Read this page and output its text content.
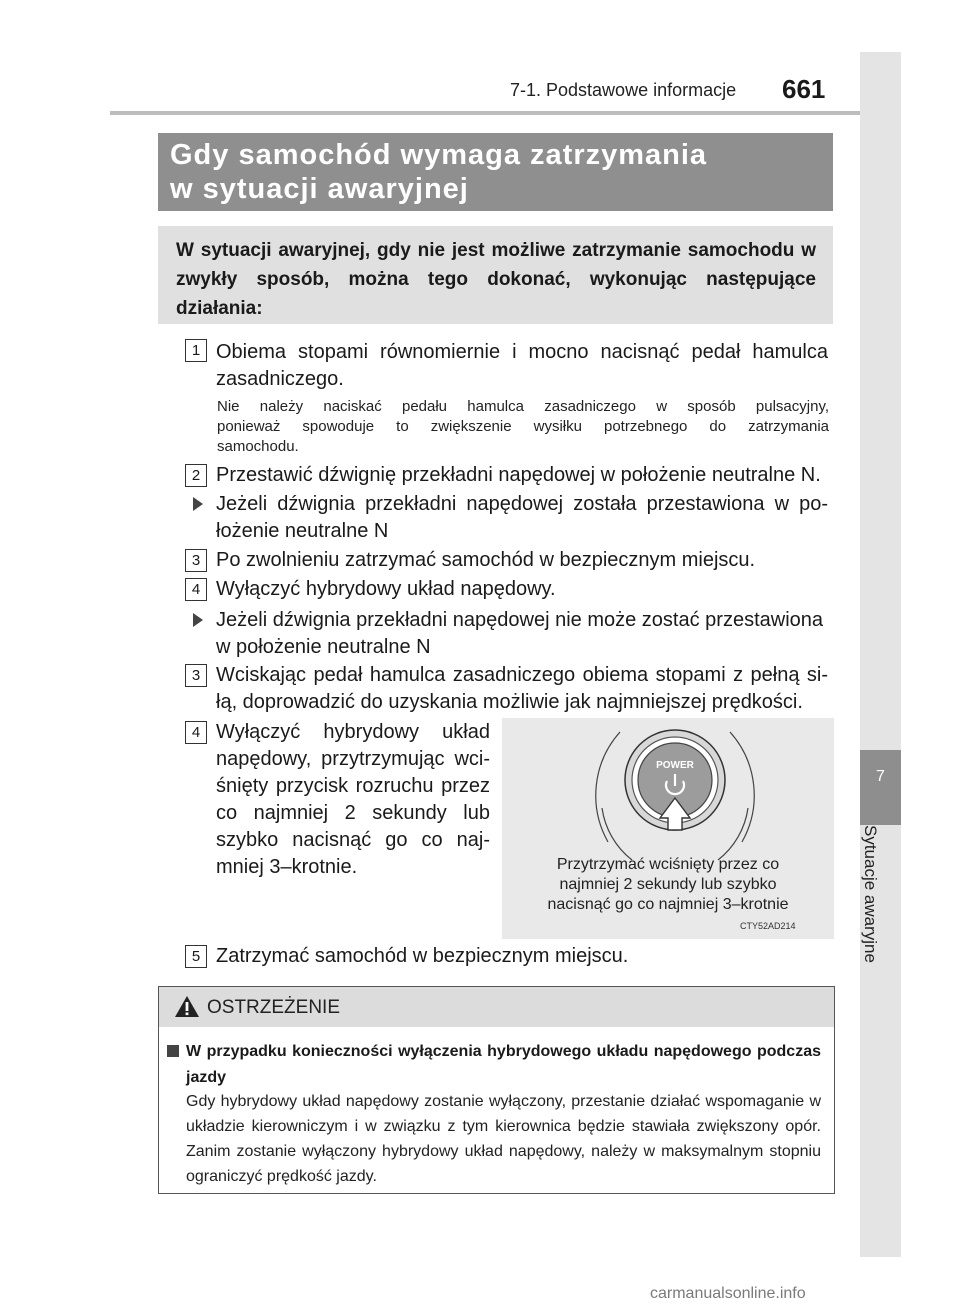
7-1. Podstawowe informacje 661
7
Sytuacje awaryjne
Gdy samochód wymaga zatrzymania
w sytuacji awaryjnej
W sytuacji awaryjnej, gdy nie jest możliwe zatrzymanie samochodu w zwykły sposób, można tego dokonać, wykonując następujące działania:
1 Obiema stopami równomiernie i mocno nacisnąć pedał hamulca
zasadniczego.
Nie należy naciskać pedału hamulca zasadniczego w sposób pulsacyjny,
ponieważ spowoduje to zwiększenie wysiłku potrzebnego do zatrzymania
samochodu.
2 Przestawić dźwignię przekładni napędowej w położenie neutralne N.
Jeżeli dźwignia przekładni napędowej została przestawiona w po-
łożenie neutralne N
3 Po zwolnieniu zatrzymać samochód w bezpiecznym miejscu.
4 Wyłączyć hybrydowy układ napędowy.
Jeżeli dźwignia przekładni napędowej nie może zostać przestawiona
w położenie neutralne N
3 Wciskając pedał hamulca zasadniczego obiema stopami z pełną si-
łą, doprowadzić do uzyskania możliwie jak najmniejszej prędkości.
4 Wyłączyć hybrydowy układ
napędowy, przytrzymując wci-
śnięty przycisk rozruchu przez
co najmniej 2 sekundy lub
szybko nacisnąć go co naj-
mniej 3–krotnie.
POWER
Przytrzymać wciśnięty przez co
najmniej 2 sekundy lub szybko
nacisnąć go co najmniej 3–krotnie
CTY52AD214
5 Zatrzymać samochód w bezpiecznym miejscu.
OSTRZEŻENIE
W przypadku konieczności wyłączenia hybrydowego układu napędowego podczas jazdy
Gdy hybrydowy układ napędowy zostanie wyłączony, przestanie działać wspomaganie w układzie kierowniczym i w związku z tym kierownica będzie stawiała zwiększony opór. Zanim zostanie wyłączony hybrydowy układ napędowy, należy w maksymalnym stopniu ograniczyć prędkość jazdy.
carmanualsonline.info
